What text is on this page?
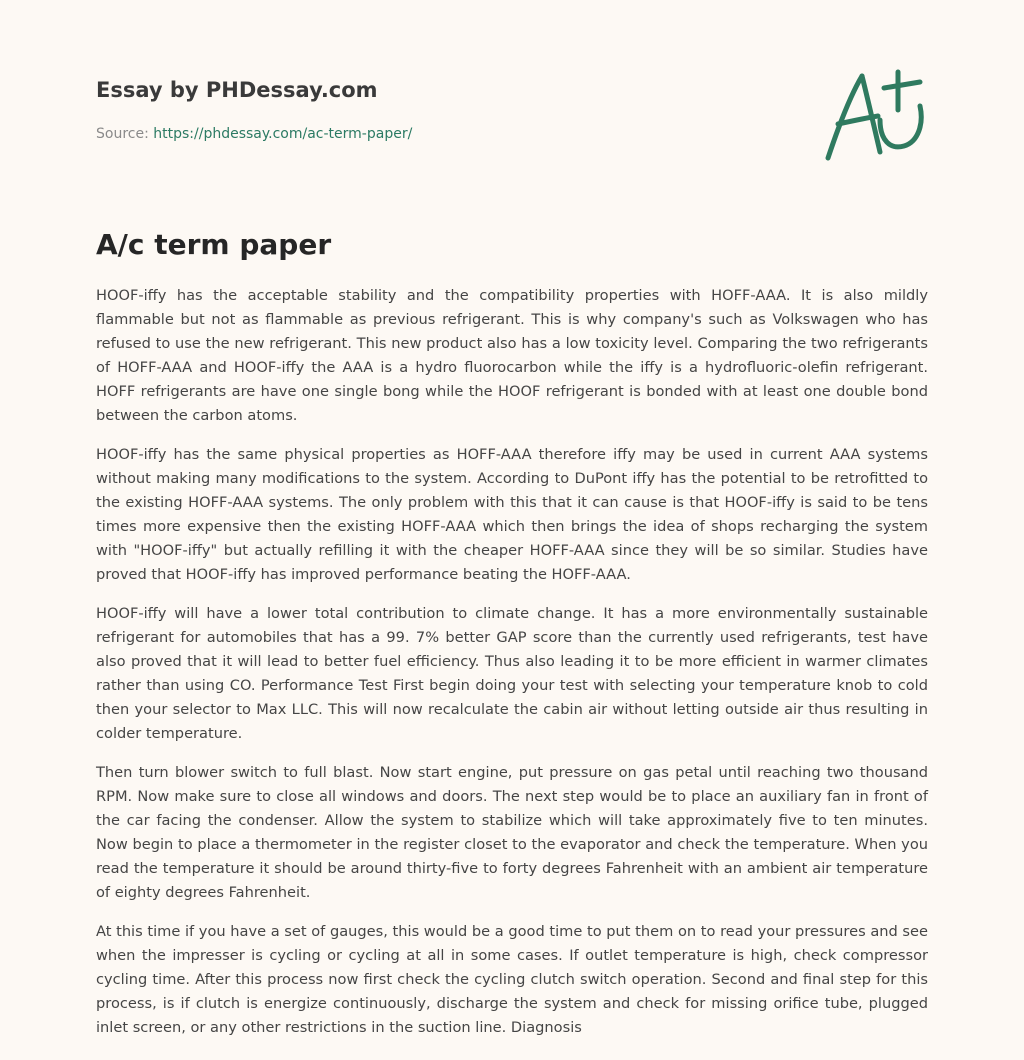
Essay by PHDessay.com
Source: https://phdessay.com/ac-term-paper/
A/c term paper

HOOF-iffy has the acceptable stability and the compatibility properties with HOFF-AAA. It is also mildly flammable but not as flammable as previous refrigerant. This is why company's such as Volkswagen who has refused to use the new refrigerant. This new product also has a low toxicity level. Comparing the two refrigerants of HOFF-AAA and HOOF-iffy the AAA is a hydro fluorocarbon while the iffy is a hydrofluoric-olefin refrigerant. HOFF refrigerants are have one single bong while the HOOF refrigerant is bonded with at least one double bond between the carbon atoms.

HOOF-iffy has the same physical properties as HOFF-AAA therefore iffy may be used in current AAA systems without making many modifications to the system. According to DuPont iffy has the potential to be retrofitted to the existing HOFF-AAA systems. The only problem with this that it can cause is that HOOF-iffy is said to be tens times more expensive then the existing HOFF-AAA which then brings the idea of shops recharging the system with "HOOF-iffy" but actually refilling it with the cheaper HOFF-AAA since they will be so similar. Studies have proved that HOOF-iffy has improved performance beating the HOFF-AAA.

HOOF-iffy will have a lower total contribution to climate change. It has a more environmentally sustainable refrigerant for automobiles that has a 99. 7% better GAP score than the currently used refrigerants, test have also proved that it will lead to better fuel efficiency. Thus also leading it to be more efficient in warmer climates rather than using CO. Performance Test First begin doing your test with selecting your temperature knob to cold then your selector to Max LLC. This will now recalculate the cabin air without letting outside air thus resulting in colder temperature.

Then turn blower switch to full blast. Now start engine, put pressure on gas petal until reaching two thousand RPM. Now make sure to close all windows and doors. The next step would be to place an auxiliary fan in front of the car facing the condenser. Allow the system to stabilize which will take approximately five to ten minutes. Now begin to place a thermometer in the register closet to the evaporator and check the temperature. When you read the temperature it should be around thirty-five to forty degrees Fahrenheit with an ambient air temperature of eighty degrees Fahrenheit.

At this time if you have a set of gauges, this would be a good time to put them on to read your pressures and see when the impresser is cycling or cycling at all in some cases. If outlet temperature is high, check compressor cycling time. After this process now first check the cycling clutch switch operation. Second and final step for this process, is if clutch is energize continuously, discharge the system and check for missing orifice tube, plugged inlet screen, or any other restrictions in the suction line. Diagnosis
